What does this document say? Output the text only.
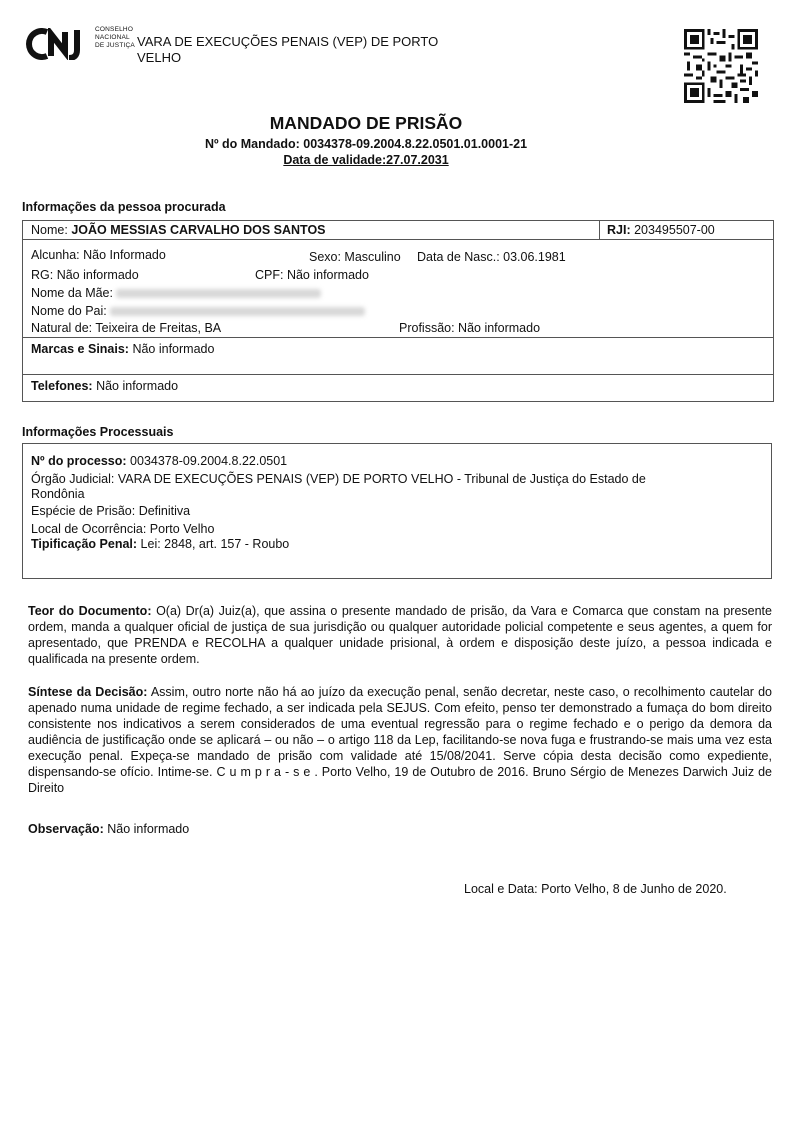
CONSELHO
NACIONAL
DE JUSTIÇA VARA DE EXECUÇÕES PENAIS (VEP) DE PORTO VELHO
MANDADO DE PRISÃO
Nº do Mandado: 0034378-09.2004.8.22.0501.01.0001-21
Data de validade:27.07.2031
Informações da pessoa procurada
Nome: JOÃO MESSIAS CARVALHO DOS SANTOS	RJI: 203495507-00
Alcunha: Não Informado	Sexo: Masculino Data de Nasc.: 03.06.1981
RG: Não informado	CPF: Não informado
Nome da Mãe:
Nome do Pai:
Natural de: Teixeira de Freitas, BA	Profissão: Não informado
Marcas e Sinais: Não informado
Telefones: Não informado
Informações Processuais
Nº do processo: 0034378-09.2004.8.22.0501
Órgão Judicial: VARA DE EXECUÇÕES PENAIS (VEP) DE PORTO VELHO - Tribunal de Justiça do Estado de
Rondônia
Espécie de Prisão: Definitiva
Local de Ocorrência: Porto Velho
Tipificação Penal: Lei: 2848, art. 157 - Roubo
Teor do Documento: O(a) Dr(a) Juiz(a), que assina o presente mandado de prisão, da Vara e Comarca que constam na presente ordem, manda a qualquer oficial de justiça de sua jurisdição ou qualquer autoridade policial competente e seus agentes, a quem for apresentado, que PRENDA e RECOLHA a qualquer unidade prisional, à ordem e disposição deste juízo, a pessoa indicada e qualificada na presente ordem.
Síntese da Decisão: Assim, outro norte não há ao juízo da execução penal, senão decretar, neste caso, o recolhimento cautelar do apenado numa unidade de regime fechado, a ser indicada pela SEJUS. Com efeito, penso ter demonstrado a fumaça do bom direito consistente nos indicativos a serem considerados de uma eventual regressão para o regime fechado e o perigo da demora da audiência de justificação onde se aplicará – ou não – o artigo 118 da Lep, facilitando-se nova fuga e frustrando-se mais uma vez esta execução penal. Expeça-se mandado de prisão com validade até 15/08/2041. Serve cópia desta decisão como expediente, dispensando-se ofício. Intime-se. C u m p r a - s e . Porto Velho, 19 de Outubro de 2016. Bruno Sérgio de Menezes Darwich Juiz de Direito
Observação: Não informado
Local e Data: Porto Velho, 8 de Junho de 2020.
